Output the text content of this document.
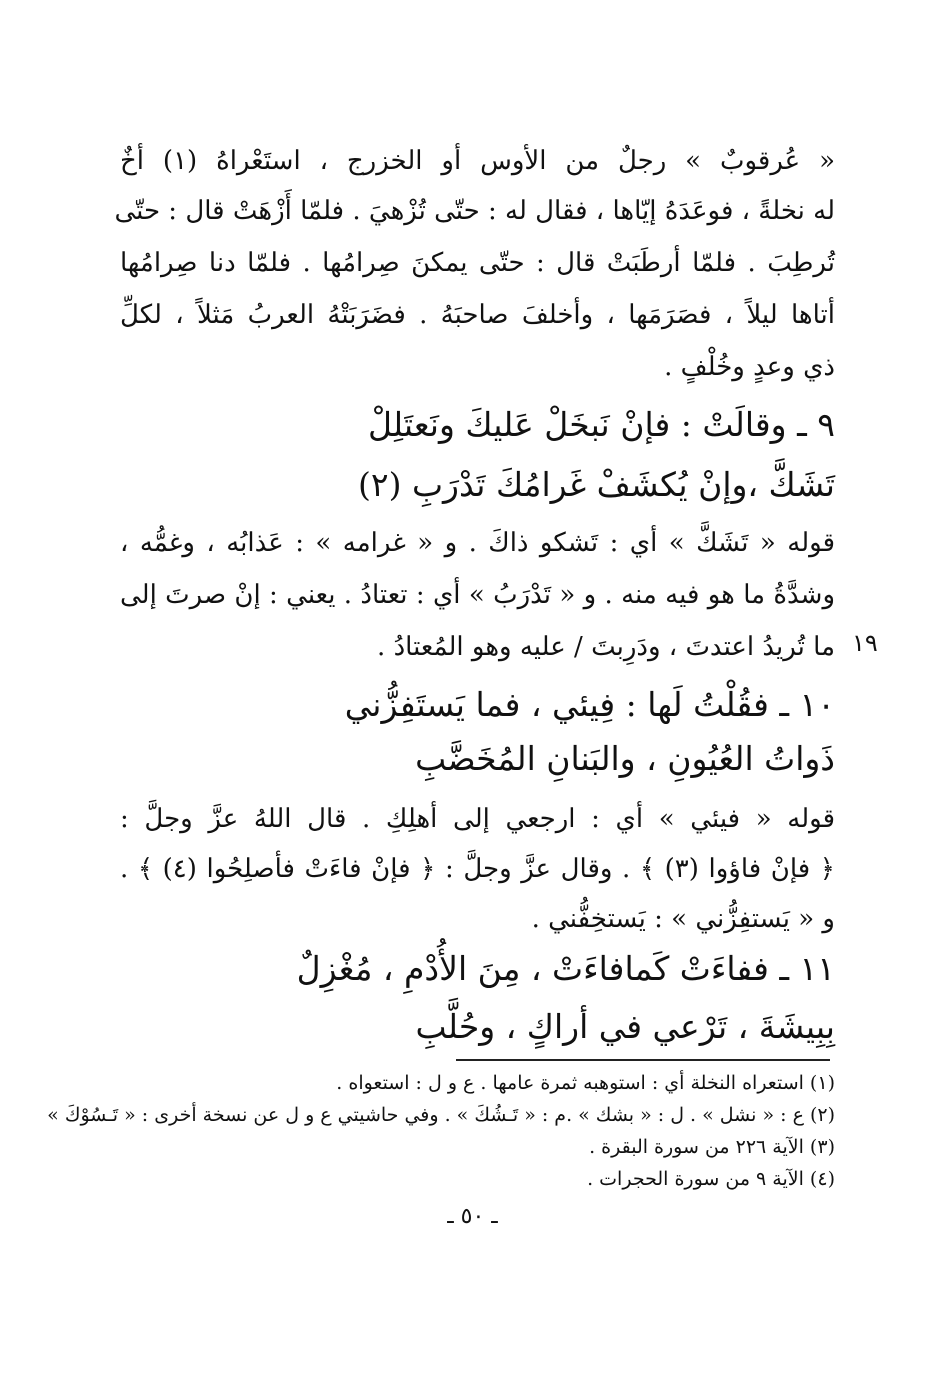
« عُرقوبٌ » رجلٌ من الأوس أو الخزرج ، استَعْراهُ (١) أخٌ
له نخلةً ، فوعَدَهُ إيّاها ، فقال له : حتّى تُزْهيَ . فلمّا أَزْهَتْ قال : حتّى
تُرطِبَ . فلمّا أرطَبَتْ قال : حتّى يمكنَ صِرامُها . فلمّا دنا صِرامُها
أتاها ليلاً ، فصَرَمَها ، وأخلفَ صاحبَهُ . فضَرَبَتْهُ العربُ مَثلاً ، لكلِّ
ذي وعدٍ وخُلْفٍ .
٩ ـ وقالَتْ : فإنْ نَبخَلْ عَليكَ ونَعتَلِلْ
تَشَكَّ ،وإنْ يُكشَفْ غَرامُكَ تَدْرَبِ (٢)
قوله « تَشَكَّ » أي : تَشكو ذاكَ . و « غرامه » : عَذابُه ، وغمُّه ،
وشدَّةُ ما هو فيه منه . و « تَدْرَبُ » أي : تعتادُ . يعني : إنْ صرتَ إلى
ما تُريدُ اعتدتَ ، ودَرِبتَ / عليه وهو المُعتادُ . ١٩
١٠ ـ فقُلْتُ لَها : فِيئي ، فما يَستَفِزُّني
ذَواتُ العُيُونِ ، والبَنانِ المُخَضَّبِ
قوله « فيئي » أي : ارجعي إلى أهلِكِ . قال اللهُ عزَّ وجلَّ :
﴿ فإنْ فاؤوا (٣) ﴾ . وقال عزَّ وجلَّ : ﴿ فإنْ فاءَتْ فأصلِحُوا (٤) ﴾ .
و « يَستفِزُّني » : يَستخِفُّني .
١١ ـ ففاءَتْ كَمافاءَتْ ، مِنَ الأُدْمِ ، مُغْزِلٌ
بِبِيشَةَ ، تَرْعي في أراكٍ ، وحُلَّبِ
(١) استعراه النخلة أي : استوهبه ثمرة عامها . ع و ل : استعواه .
(٢) ع : « نشل » . ل : « بشك » .م : « تَـشُكَ » . وفي حاشيتي ع و ل عن نسخة أخرى : « تَـسُوْكَ »
(٣) الآية ٢٢٦ من سورة البقرة .
(٤) الآية ٩ من سورة الحجرات .
ـ ٥٠ ـ
